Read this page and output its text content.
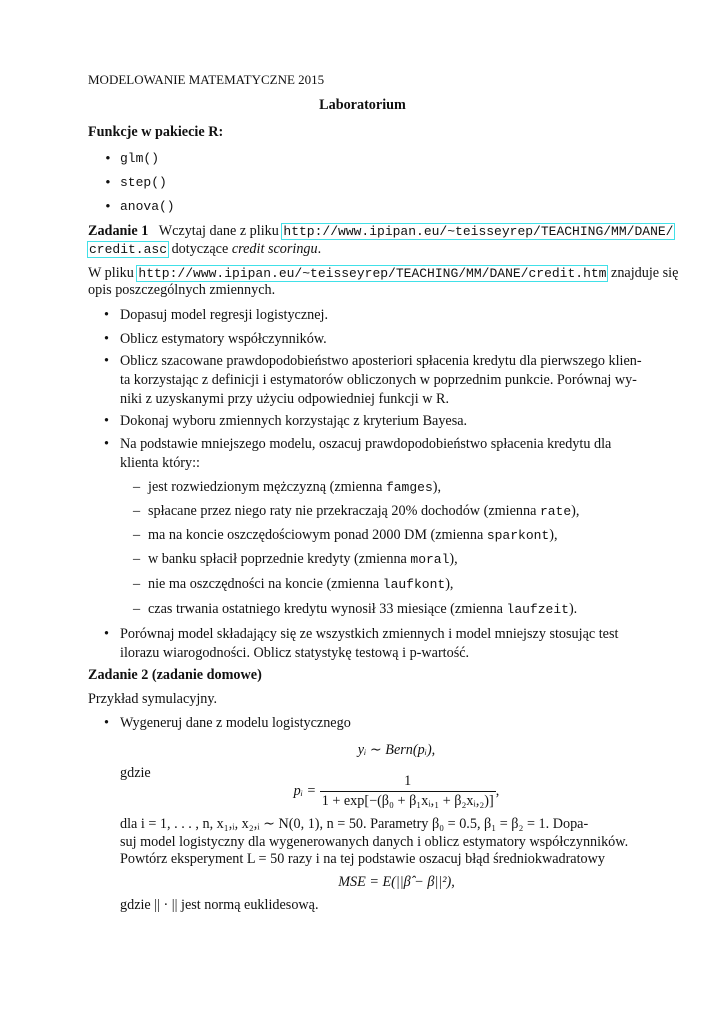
MODELOWANIE MATEMATYCZNE 2015
Laboratorium
Funkcje w pakiecie R:
• glm()
• step()
• anova()
Zadanie 1 Wczytaj dane z pliku http://www.ipipan.eu/~teisseyrep/TEACHING/MM/DANE/
credit.asc dotyczące credit scoringu.
W pliku http://www.ipipan.eu/~teisseyrep/TEACHING/MM/DANE/credit.htm znajduje się
opis poszczególnych zmiennych.
• Dopasuj model regresji logistycznej.
• Oblicz estymatory współczynników.
• Oblicz szacowane prawdopodobieństwo aposteriori spłacenia kredytu dla pierwszego klien-
ta korzystając z definicji i estymatorów obliczonych w poprzednim punkcie. Porównaj wy-
niki z uzyskanymi przy użyciu odpowiedniej funkcji w R.
• Dokonaj wyboru zmiennych korzystając z kryterium Bayesa.
• Na podstawie mniejszego modelu, oszacuj prawdopodobieństwo spłacenia kredytu dla
klienta który::
– jest rozwiedzionym mężczyzną (zmienna famges),
– spłacane przez niego raty nie przekraczają 20% dochodów (zmienna rate),
– ma na koncie oszczędościowym ponad 2000 DM (zmienna sparkont),
– w banku spłacił poprzednie kredyty (zmienna moral),
– nie ma oszczędności na koncie (zmienna laufkont),
– czas trwania ostatniego kredytu wynosił 33 miesiące (zmienna laufzeit).
• Porównaj model składający się ze wszystkich zmiennych i model mniejszy stosując test
ilorazu wiarogodności. Oblicz statystykę testową i p-wartość.
Zadanie 2 (zadanie domowe)
Przykład symulacyjny.
• Wygeneruj dane z modelu logistycznego
yᵢ ∼ Bern(pᵢ),
gdzie
pᵢ = $\frac{1}{\text{1 + exp[−(β₀ + β₁xᵢ,₁ + β₂xᵢ,₂)]}}$ ,
dla i = 1, . . . , n, x₁,ᵢ, x₂,ᵢ ∼ N(0, 1), n = 50. Parametry β₀ = 0.5, β₁ = β₂ = 1. Dopa-
suj model logistyczny dla wygenerowanych danych i oblicz estymatory współczynników.
Powtórz eksperyment L = 50 razy i na tej podstawie oszacuj błąd średniokwadratowy
MSE = E(||β̂ − β||²),
gdzie || · || jest normą euklidesową.
